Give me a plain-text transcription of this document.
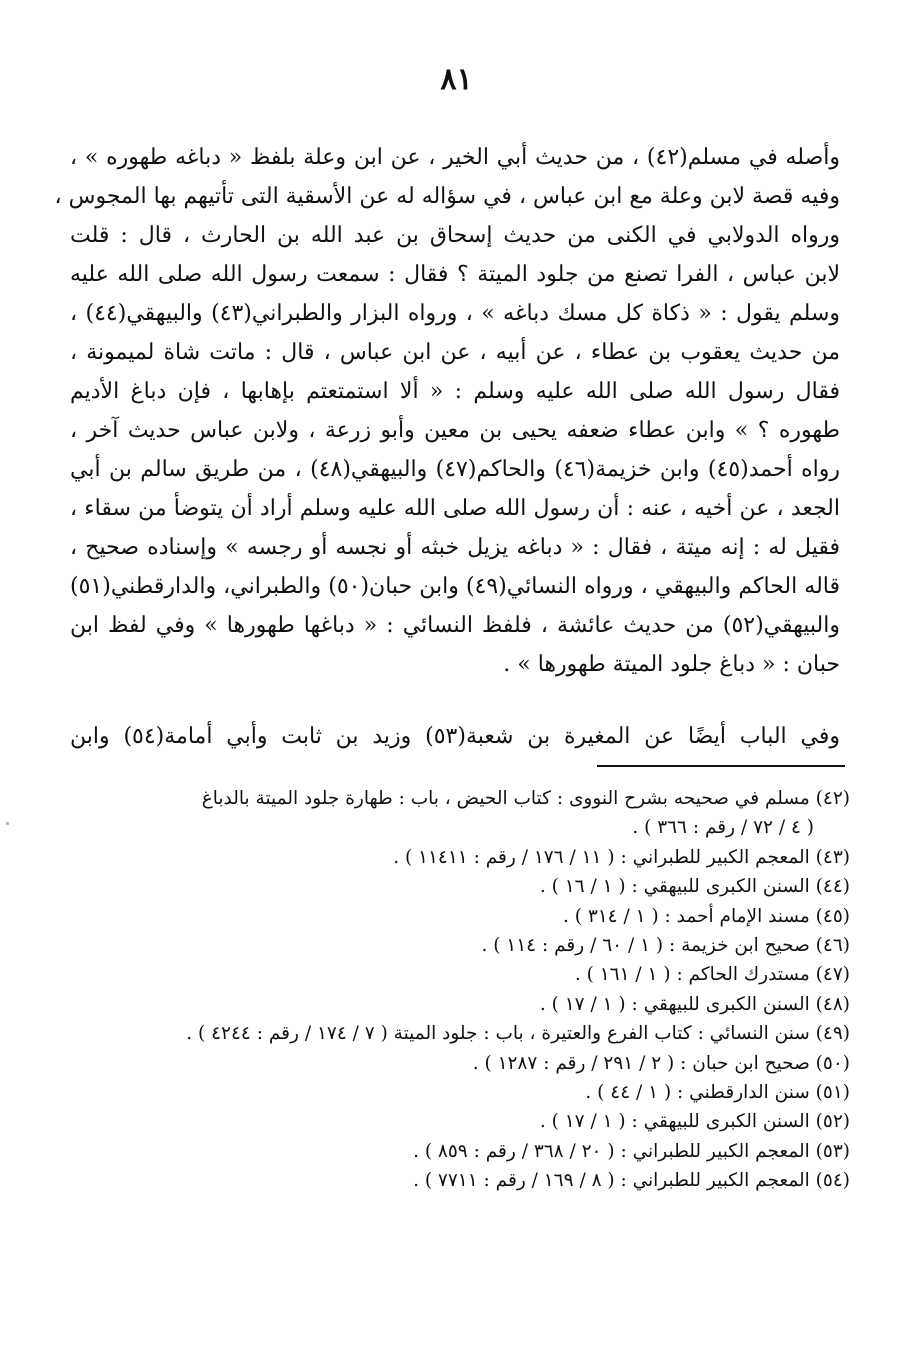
٨١
وأصله في مسلم(٤٢) ، من حديث أبي الخير ، عن ابن وعلة بلفظ « دباغه طهوره » ،
وفيه قصة لابن وعلة مع ابن عباس ، في سؤاله له عن الأسقية التى تأتيهم بها المجوس ،
ورواه الدولابي في الكنى من حديث إسحاق بن عبد الله بن الحارث ، قال : قلت
لابن عباس ، الفرا تصنع من جلود الميتة ؟ فقال : سمعت رسول الله صلى الله عليه
وسلم يقول : « ذكاة كل مسك دباغه » ، ورواه البزار والطبراني(٤٣) والبيهقي(٤٤) ،
من حديث يعقوب بن عطاء ، عن أبيه ، عن ابن عباس ، قال : ماتت شاة لميمونة ،
فقال رسول الله صلى الله عليه وسلم : « ألا استمتعتم بإهابها ، فإن دباغ الأديم
طهوره ؟ » وابن عطاء ضعفه يحيى بن معين وأبو زرعة ، ولابن عباس حديث آخر ،
رواه أحمد(٤٥) وابن خزيمة(٤٦) والحاكم(٤٧) والبيهقي(٤٨) ، من طريق سالم بن أبي
الجعد ، عن أخيه ، عنه : أن رسول الله صلى الله عليه وسلم أراد أن يتوضأ من سقاء ،
فقيل له : إنه ميتة ، فقال : « دباغه يزيل خبثه أو نجسه أو رجسه » وإسناده صحيح ،
قاله الحاكم والبيهقي ، ورواه النسائي(٤٩) وابن حبان(٥٠) والطبراني، والدارقطني(٥١)
والبيهقي(٥٢) من حديث عائشة ، فلفظ النسائي : « دباغها طهورها » وفي لفظ ابن
حبان : « دباغ جلود الميتة طهورها » .
وفي الباب أيضًا عن المغيرة بن شعبة(٥٣) وزيد بن ثابت وأبي أمامة(٥٤) وابن
(٤٢) مسلم في صحيحه بشرح النووى : كتاب الحيض ، باب : طهارة جلود الميتة بالدباغ
( ٤ / ٧٢ / رقم : ٣٦٦ ) .
(٤٣) المعجم الكبير للطبراني : ( ١١ / ١٧٦ / رقم : ١١٤١١ ) .
(٤٤) السنن الكبرى للبيهقي : ( ١ / ١٦ ) .
(٤٥) مسند الإمام أحمد : ( ١ / ٣١٤ ) .
(٤٦) صحيح ابن خزيمة : ( ١ / ٦٠ / رقم : ١١٤ ) .
(٤٧) مستدرك الحاكم : ( ١ / ١٦١ ) .
(٤٨) السنن الكبرى للبيهقي : ( ١ / ١٧ ) .
(٤٩) سنن النسائي : كتاب الفرع والعتيرة ، باب : جلود الميتة ( ٧ / ١٧٤ / رقم : ٤٢٤٤ ) .
(٥٠) صحيح ابن حبان : ( ٢ / ٢٩١ / رقم : ١٢٨٧ ) .
(٥١) سنن الدارقطني : ( ١ / ٤٤ ) .
(٥٢) السنن الكبرى للبيهقي : ( ١ / ١٧ ) .
(٥٣) المعجم الكبير للطبراني : ( ٢٠ / ٣٦٨ / رقم : ٨٥٩ ) .
(٥٤) المعجم الكبير للطبراني : ( ٨ / ١٦٩ / رقم : ٧٧١١ ) .
